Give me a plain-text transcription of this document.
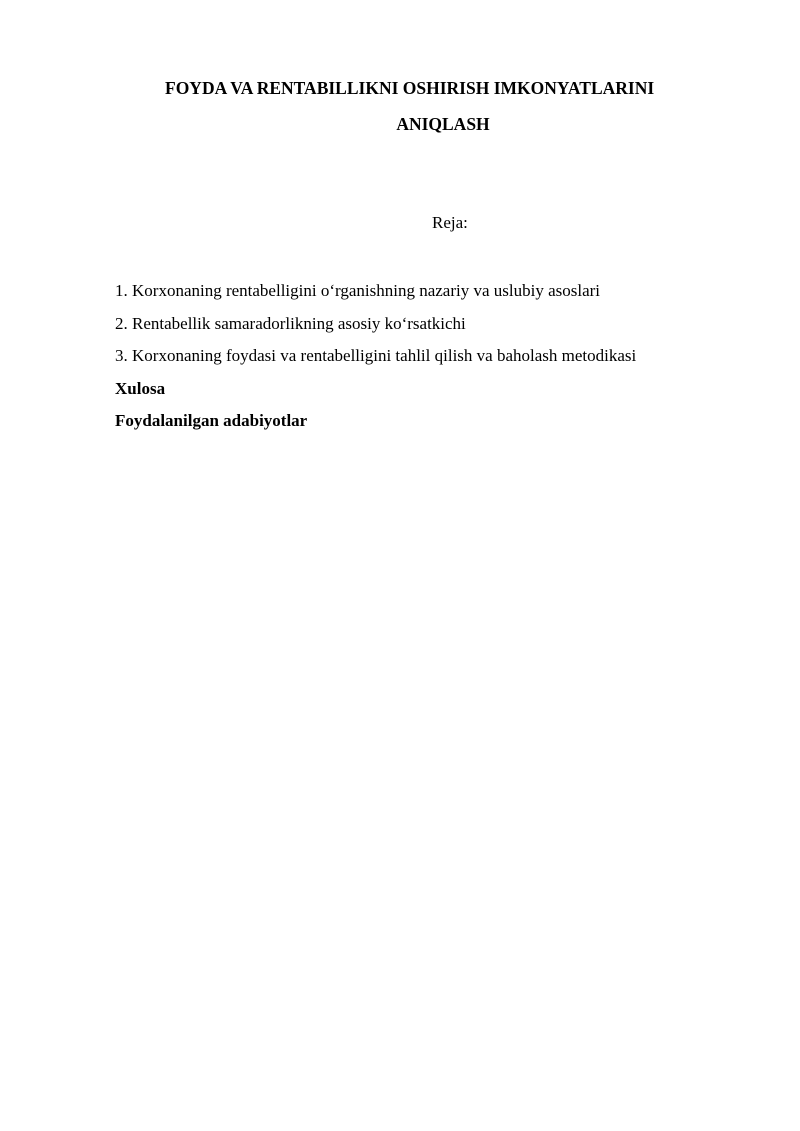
FOYDA VA RENTABILLIKNI OSHIRISH IMKONYATLARINI
ANIQLASH
Reja:
1. Korxonaning rentabelligini o‘rganishning nazariy va uslubiy asoslari
2. Rentabellik samaradorlikning asosiy ko‘rsatkichi
3. Korxonaning foydasi va rentabelligini tahlil qilish va baholash metodikasi
Xulosa
Foydalanilgan adabiyotlar
